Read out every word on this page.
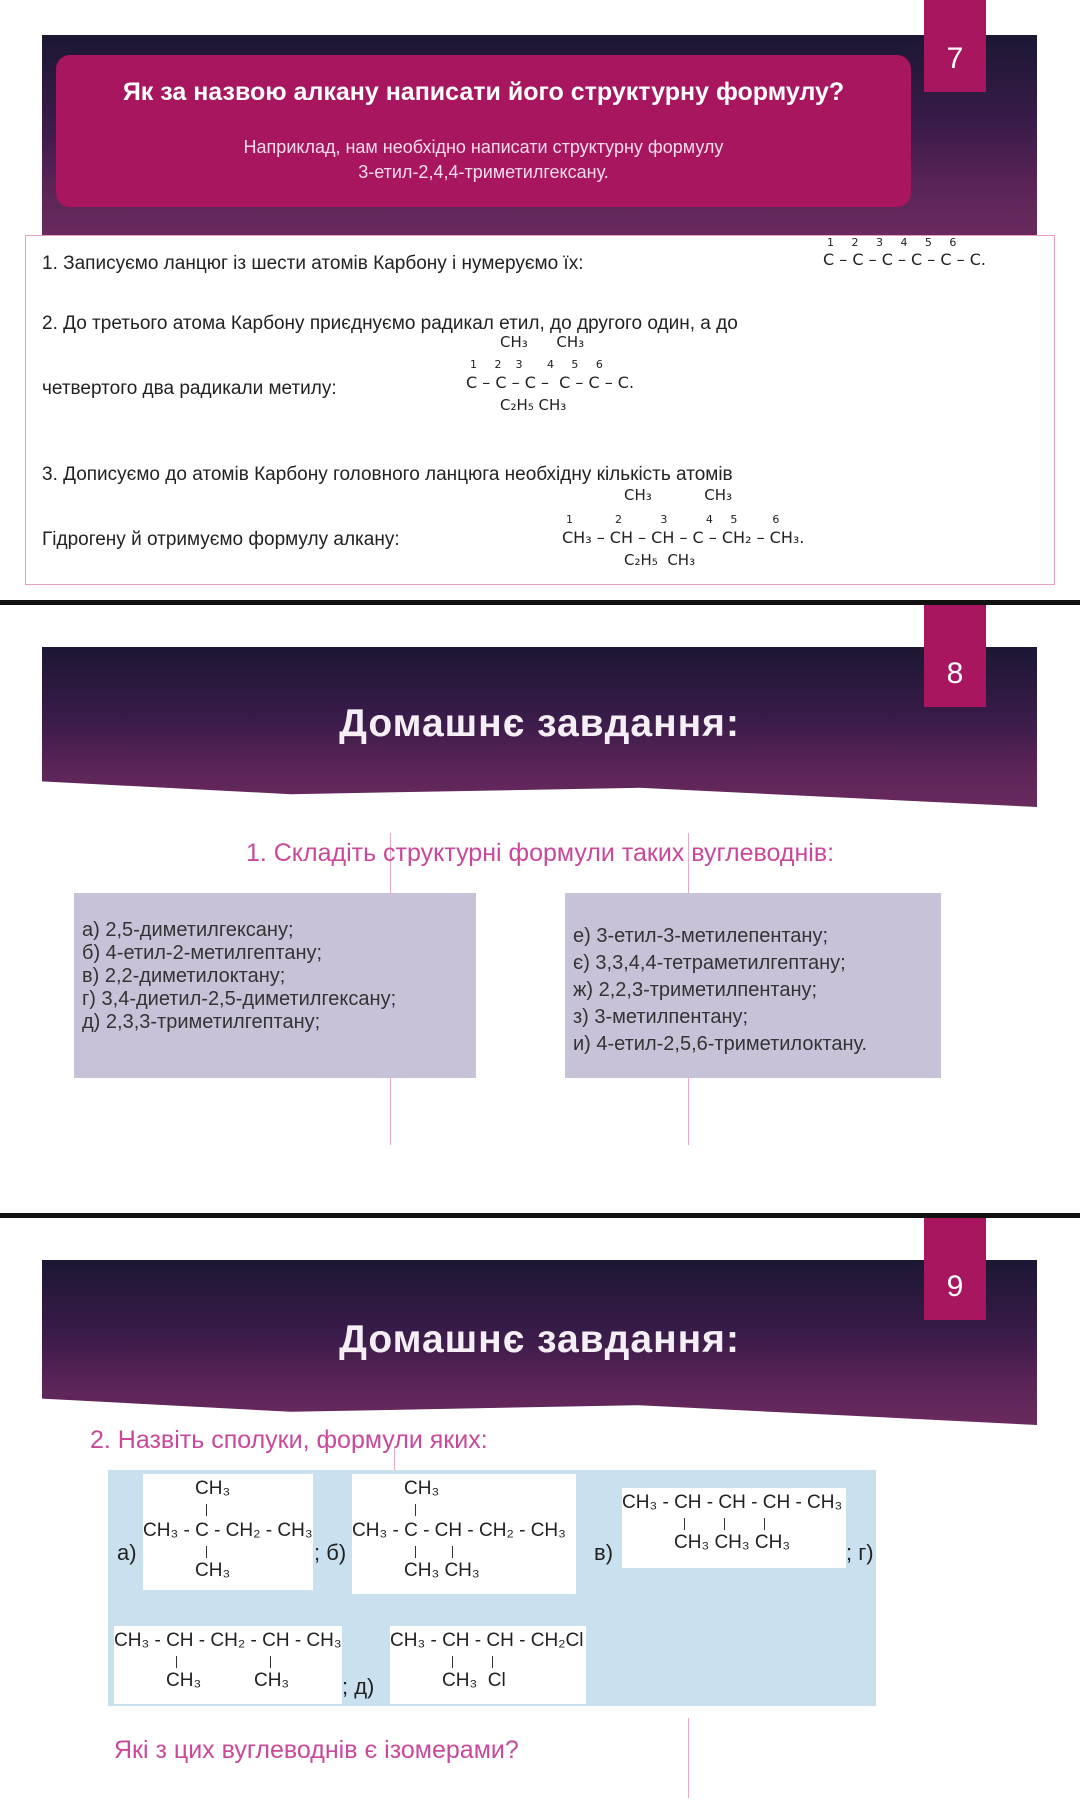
7
Як за назвою алкану написати його структурну формулу?
Наприклад, нам необхідно написати структурну формулу
3-етил-2,4,4-триметилгексану.
1. Записуємо ланцюг із шести атомів Карбону і нумеруємо їх:
1     2     3     4     5     6
C – C – C – C – C – C.
2. До третього атома Карбону приєднуємо радикал етил, до другого один, а до
четвертого два радикали метилу:
CH₃      CH₃
1     2    3       4     5     6
C – C – C –  C – C – C.
C₂H₅ CH₃
3. Дописуємо до атомів Карбону головного ланцюга необхідну кількість атомів
Гідрогену й отримуємо формулу алкану:
CH₃           CH₃
1            2           3           4     5          6
CH₃ – CH – CH – C – CH₂ – CH₃.
C₂H₅  CH₃
8
Домашнє завдання:
1. Складіть структурні формули таких вуглеводнів:
а) 2,5-диметилгексану;
б) 4-етил-2-метилгептану;
в) 2,2-диметилоктану;
г) 3,4-диетил-2,5-диметилгексану;
д) 2,3,3-триметилгептану;
е) 3-етил-3-метилепентану;
є) 3,3,4,4-тетраметилгептану;
ж) 2,2,3-триметилпентану;
з) 3-метилпентану;
и) 4-етил-2,5,6-триметилоктану.
9
Домашнє завдання:
2. Назвіть сполуки, формули яких:
а)	; б)	в)	; г)
; д)
CH₃
CH₃ - C - CH₂ - CH₃
CH₃
CH₃
CH₃ - C - CH - CH₂ - CH₃
CH₃ CH₃
CH₃ - CH - CH - CH - CH₃
CH₃ CH₃ CH₃
CH₃ - CH - CH₂ - CH - CH₃
CH₃          CH₃
CH₃ - CH - CH - CH₂Cl
CH₃  Cl
Які з цих вуглеводнів є ізомерами?
